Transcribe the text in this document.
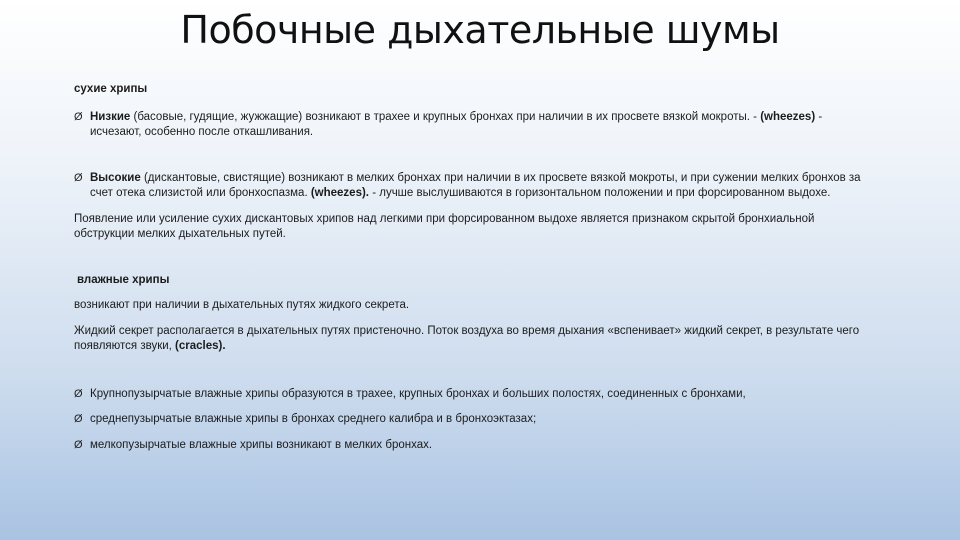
Побочные дыхательные шумы

сухие хрипы

Ø Низкие (басовые, гудящие, жужжащие) возникают в трахее и крупных бронхах при наличии в их просвете вязкой мокроты. - (wheezes) - исчезают, особенно после откашливания.
Ø Высокие (дискантовые, свистящие) возникают в мелких бронхах при наличии в их просвете вязкой мокроты, и при сужении мелких бронхов за счет отека слизистой или бронхоспазма. (wheezes). - лучше выслушиваются в горизонтальном положении и при форсированном выдохе.

Появление или усиление сухих дискантовых хрипов над легкими при форсированном выдохе является признаком скрытой бронхиальной обструкции мелких дыхательных путей.

влажные хрипы

возникают при наличии в дыхательных путях жидкого секрета.

Жидкий секрет располагается в дыхательных путях пристеночно. Поток воздуха во время дыхания «вспенивает» жидкий секрет, в результате чего появляются звуки, (cracles).

Ø Крупнопузырчатые влажные хрипы образуются в трахее, крупных бронхах и больших полостях, соединенных с бронхами,
Ø среднепузырчатые влажные хрипы в бронхах среднего калибра и в бронхоэктазах;
Ø мелкопузырчатые влажные хрипы возникают в мелких бронхах.
